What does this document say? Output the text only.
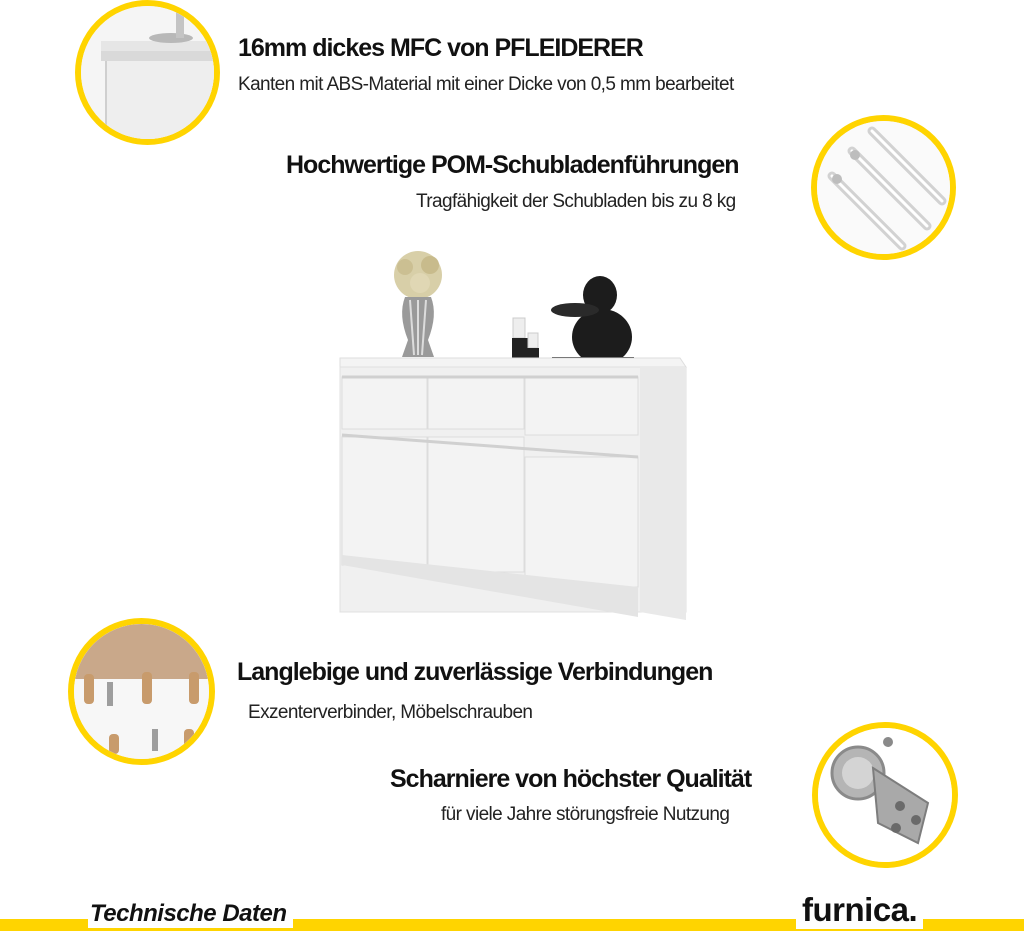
16mm dickes MFC von PFLEIDERER

Kanten mit ABS-Material mit einer Dicke von 0,5 mm bearbeitet

Hochwertige POM-Schubladenführungen

Tragfähigkeit der Schubladen bis zu 8 kg

Langlebige und zuverlässige Verbindungen

Exzenterverbinder, Möbelschrauben

Scharniere von höchster Qualität

für viele Jahre störungsfreie Nutzung

Technische Daten	furnica.
